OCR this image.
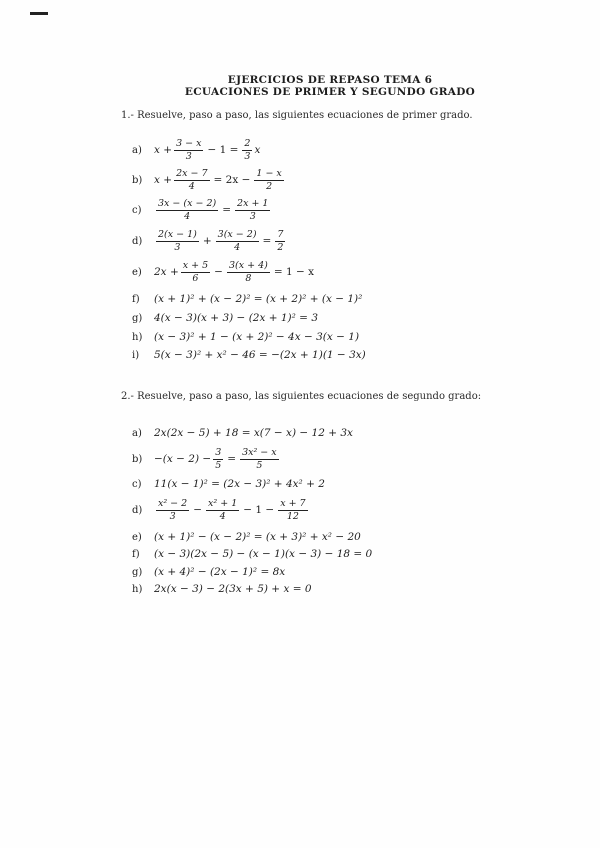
EJERCICIOS DE REPASO TEMA 6
ECUACIONES DE PRIMER Y SEGUNDO GRADO
1.- Resuelve, paso a paso, las siguientes ecuaciones de primer grado.
a)	$x + \frac{3 - x}{3} - 1 = \frac{2}{3}$ x
b)	$x + \frac{2x - 7}{4} = 2x - \frac{1 - x}{2}$
c)	$\frac{3x - (x - 2)}{4} = \frac{2x + 1}{3}$
d)	$\frac{2(x - 1)}{3} + \frac{3(x - 2)}{4} = \frac{7}{2}$
e)	$2x + \frac{x + 5}{6} - \frac{3(x + 4)}{8} = 1 - x$
f)	(x + 1)² + (x − 2)² = (x + 2)² + (x − 1)²
g)	4(x − 3)(x + 3) − (2x + 1)² = 3
h)	(x − 3)² + 1 − (x + 2)² − 4x − 3(x − 1)
i)	5(x − 3)² + x² − 46 = −(2x + 1)(1 − 3x)
2.- Resuelve, paso a paso, las siguientes ecuaciones de segundo grado:
a)	2x(2x − 5) + 18 = x(7 − x) − 12 + 3x
b)	$-(x - 2) - \frac{3}{5} = \frac{\text{3x² − x}}{5}$
c)	11(x − 1)² = (2x − 3)² + 4x² + 2
d)	$\frac{\text{x² − 2}}{3} - \frac{\text{x² + 1}}{4} - 1 - \frac{x + 7}{12}$
e)	(x + 1)² − (x − 2)² = (x + 3)² + x² − 20
f)	(x − 3)(2x − 5) − (x − 1)(x − 3) − 18 = 0
g)	(x + 4)² − (2x − 1)² = 8x
h)	2x(x − 3) − 2(3x + 5) + x = 0
